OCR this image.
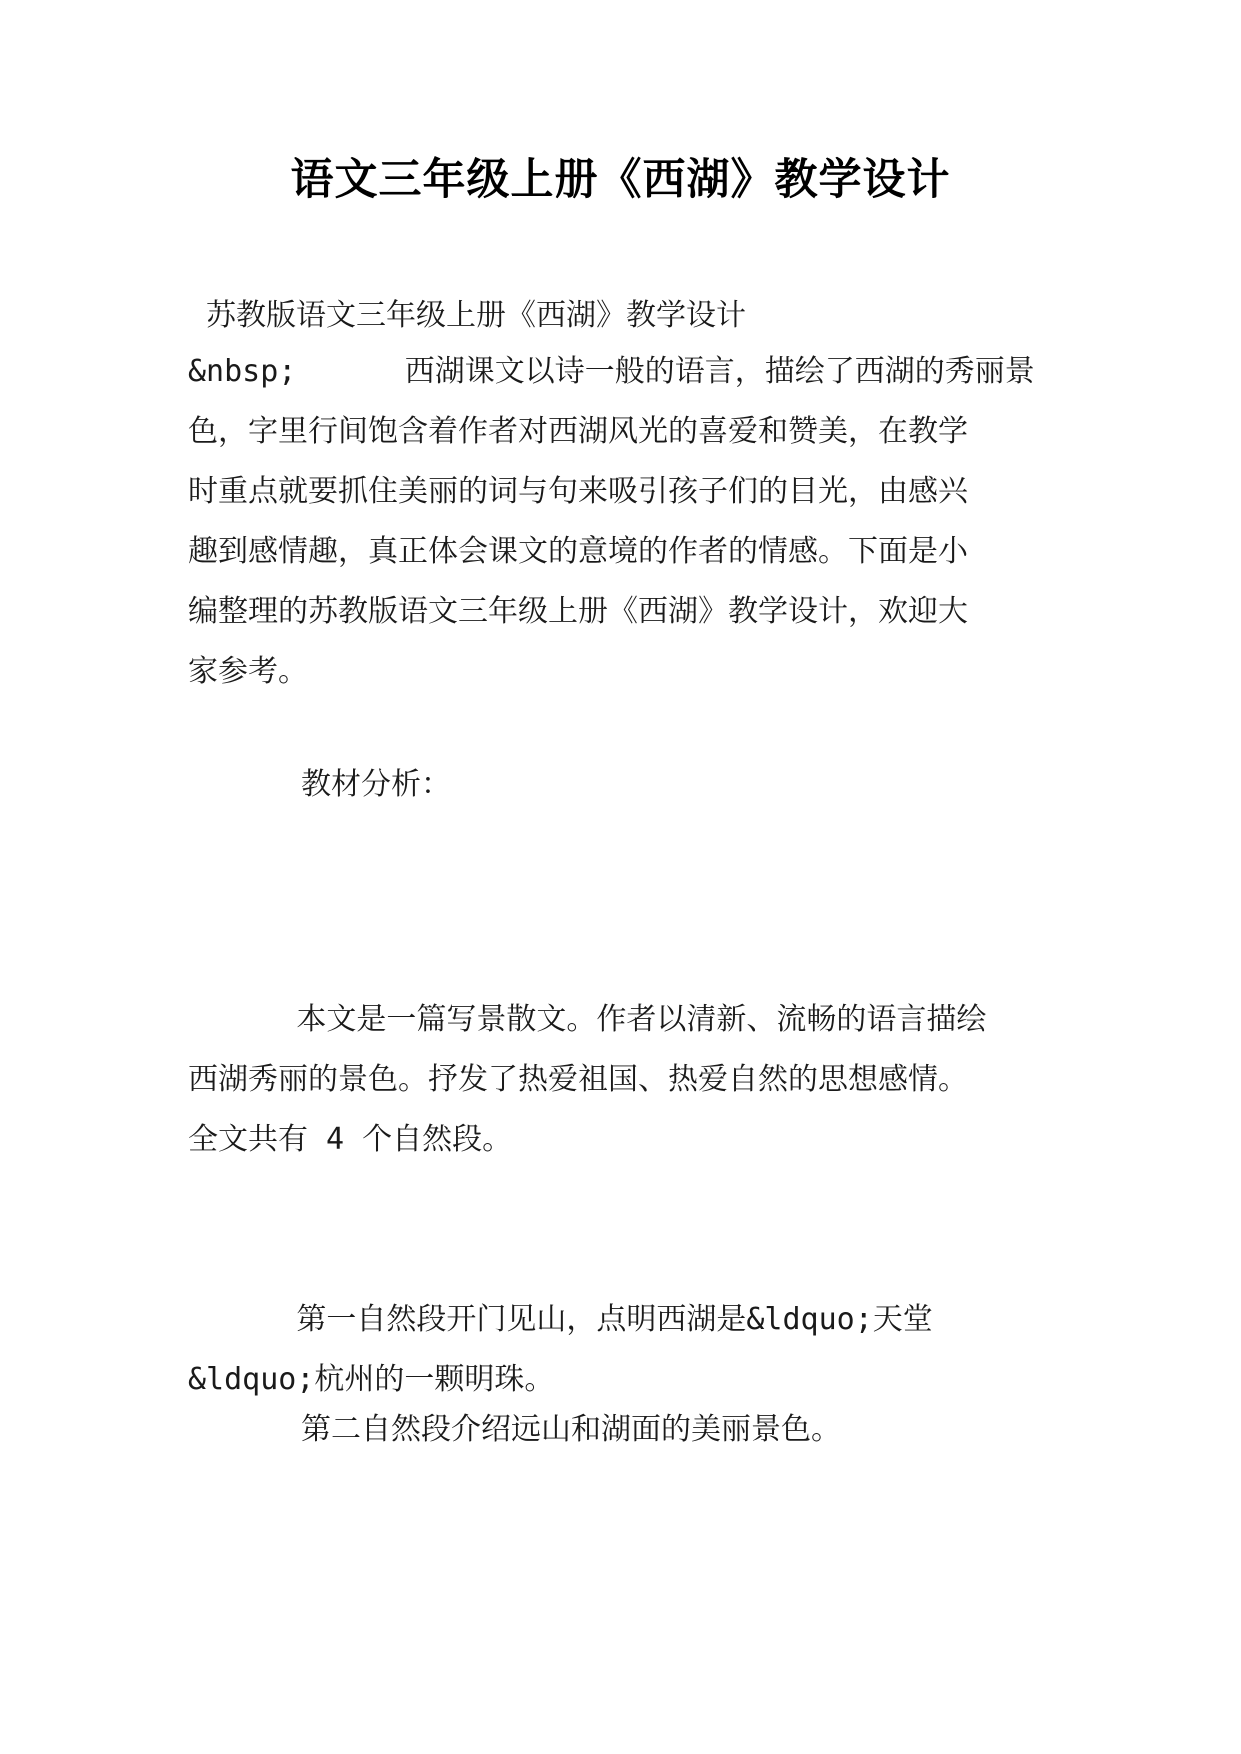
语文三年级上册《西湖》教学设计

苏教版语文三年级上册《西湖》教学设计

&nbsp;      西湖课文以诗一般的语言，描绘了西湖的秀丽景
色，字里行间饱含着作者对西湖风光的喜爱和赞美，在教学
时重点就要抓住美丽的词与句来吸引孩子们的目光，由感兴
趣到感情趣，真正体会课文的意境的作者的情感。下面是小
编整理的苏教版语文三年级上册《西湖》教学设计，欢迎大
家参考。

教材分析：

本文是一篇写景散文。作者以清新、流畅的语言描绘
西湖秀丽的景色。抒发了热爱祖国、热爱自然的思想感情。
全文共有 4 个自然段。

第一自然段开门见山，点明西湖是&ldquo;天堂
&ldquo;杭州的一颗明珠。

第二自然段介绍远山和湖面的美丽景色。
